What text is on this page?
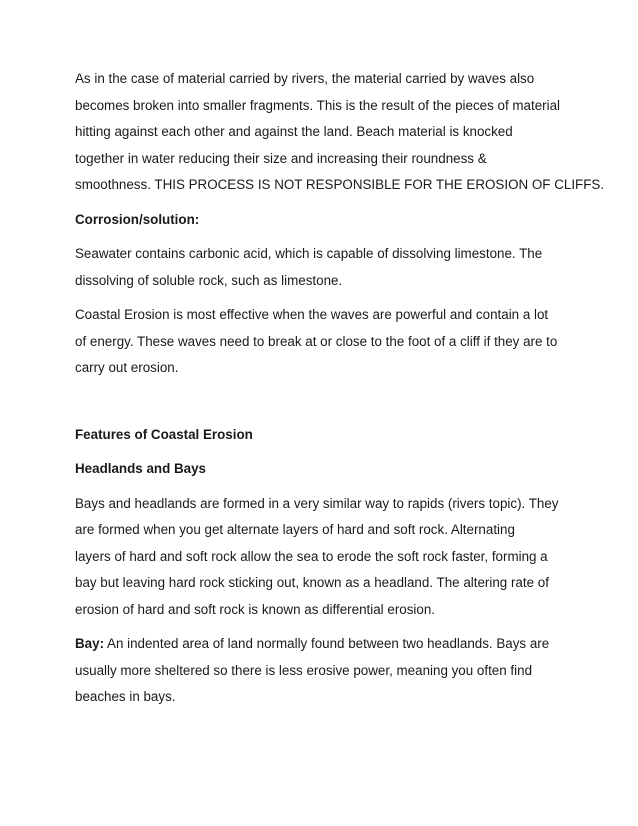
As in the case of material carried by rivers, the material carried by waves also
becomes broken into smaller fragments. This is the result of the pieces of material
hitting against each other and against the land. Beach material is knocked
together in water reducing their size and increasing their roundness &
smoothness. THIS PROCESS IS NOT RESPONSIBLE FOR THE EROSION OF CLIFFS.
Corrosion/solution:
Seawater contains carbonic acid, which is capable of dissolving limestone. The
dissolving of soluble rock, such as limestone.
Coastal Erosion is most effective when the waves are powerful and contain a lot
of energy. These waves need to break at or close to the foot of a cliff if they are to
carry out erosion.
Features of Coastal Erosion
Headlands and Bays
Bays and headlands are formed in a very similar way to rapids (rivers topic). They
are formed when you get alternate layers of hard and soft rock. Alternating
layers of hard and soft rock allow the sea to erode the soft rock faster, forming a
bay but leaving hard rock sticking out, known as a headland. The altering rate of
erosion of hard and soft rock is known as differential erosion.
Bay: An indented area of land normally found between two headlands. Bays are
usually more sheltered so there is less erosive power, meaning you often find
beaches in bays.
